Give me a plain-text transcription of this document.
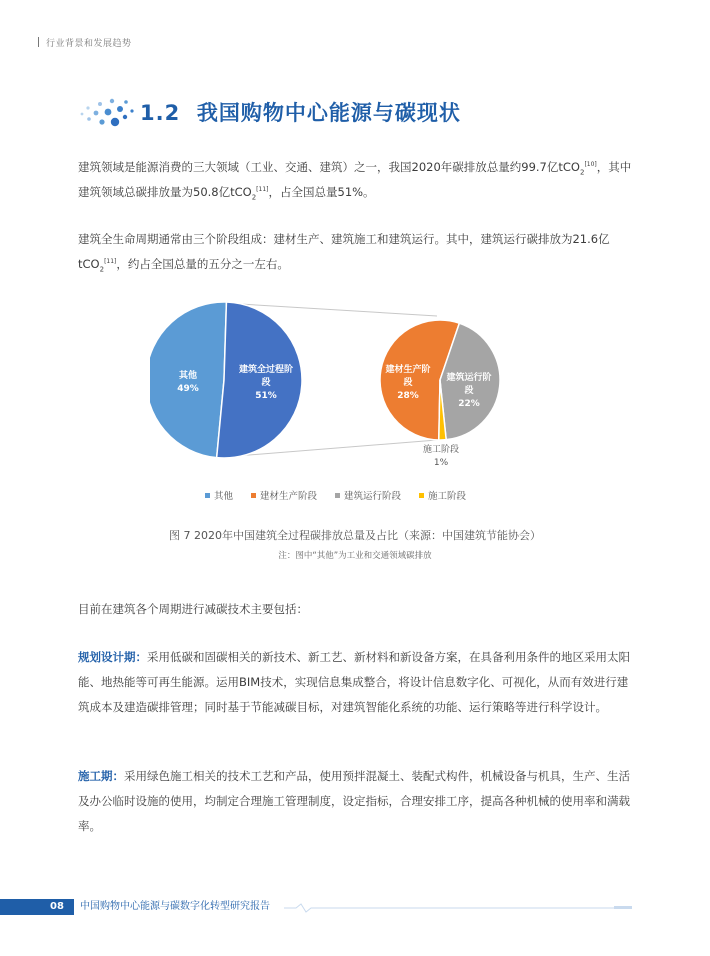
行业背景和发展趋势
1.2 我国购物中心能源与碳现状
建筑领域是能源消费的三大领域（工业、交通、建筑）之一，我国2020年碳排放总量约99.7亿tCO$_2$[10]，其中建筑领域总碳排放量为50.8亿tCO$_2$[11]，占全国总量51%。
建筑全生命周期通常由三个阶段组成：建材生产、建筑施工和建筑运行。其中，建筑运行碳排放为21.6亿tCO$_2$[11]，约占全国总量的五分之一左右。
其他 49%
建筑全过程阶段 51%
建材生产阶段 28%
建筑运行阶段 22%
施工阶段 1%
其他	建材生产阶段	建筑运行阶段	施工阶段
图 7 2020年中国建筑全过程碳排放总量及占比（来源：中国建筑节能协会）
注：图中“其他”为工业和交通领域碳排放
目前在建筑各个周期进行减碳技术主要包括：
规划设计期：采用低碳和固碳相关的新技术、新工艺、新材料和新设备方案，在具备利用条件的地区采用太阳能、地热能等可再生能源。运用BIM技术，实现信息集成整合，将设计信息数字化、可视化，从而有效进行建筑成本及建造碳排管理；同时基于节能减碳目标，对建筑智能化系统的功能、运行策略等进行科学设计。
施工期：采用绿色施工相关的技术工艺和产品，使用预拌混凝土、装配式构件，机械设备与机具，生产、生活及办公临时设施的使用，均制定合理施工管理制度，设定指标，合理安排工序，提高各种机械的使用率和满载率。
08 中国购物中心能源与碳数字化转型研究报告
